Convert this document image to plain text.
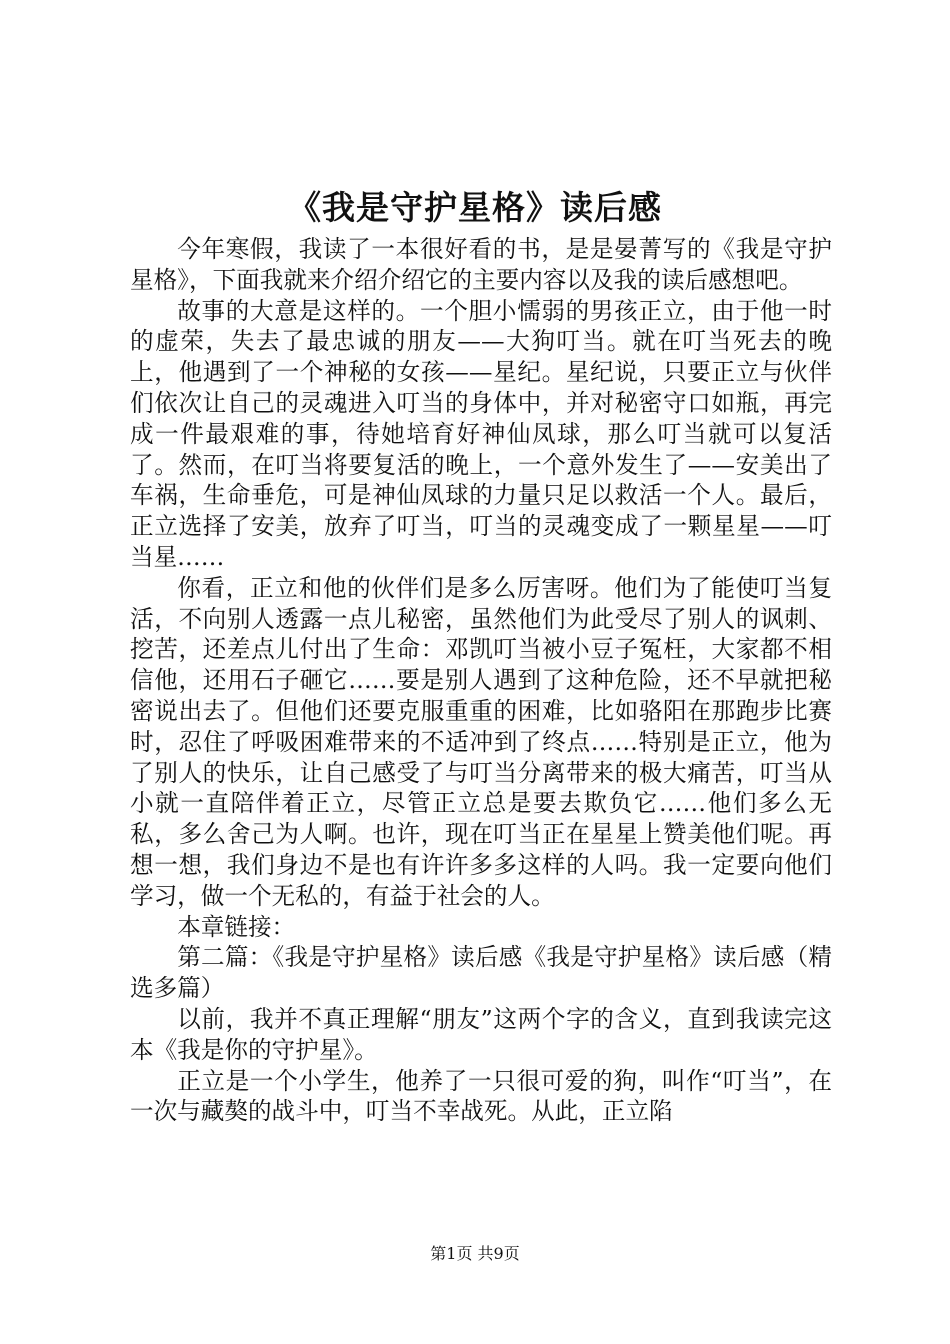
《我是守护星格》读后感

今年寒假，我读了一本很好看的书，是是晏菁写的《我是守护星格》，下面我就来介绍介绍它的主要内容以及我的读后感想吧。

故事的大意是这样的。一个胆小懦弱的男孩正立，由于他一时的虚荣，失去了最忠诚的朋友——大狗叮当。就在叮当死去的晚上，他遇到了一个神秘的女孩——星纪。星纪说，只要正立与伙伴们依次让自己的灵魂进入叮当的身体中，并对秘密守口如瓶，再完成一件最艰难的事，待她培育好神仙凤球，那么叮当就可以复活了。然而，在叮当将要复活的晚上，一个意外发生了——安美出了车祸，生命垂危，可是神仙凤球的力量只足以救活一个人。最后，正立选择了安美，放弃了叮当，叮当的灵魂变成了一颗星星——叮当星……

你看，正立和他的伙伴们是多么厉害呀。他们为了能使叮当复活，不向别人透露一点儿秘密，虽然他们为此受尽了别人的讽刺、挖苦，还差点儿付出了生命：邓凯叮当被小豆子冤枉，大家都不相信他，还用石子砸它……要是别人遇到了这种危险，还不早就把秘密说出去了。但他们还要克服重重的困难，比如骆阳在那跑步比赛时，忍住了呼吸困难带来的不适冲到了终点……特别是正立，他为了别人的快乐，让自己感受了与叮当分离带来的极大痛苦，叮当从小就一直陪伴着正立，尽管正立总是要去欺负它……他们多么无私，多么舍己为人啊。也许，现在叮当正在星星上赞美他们呢。再想一想，我们身边不是也有许许多多这样的人吗。我一定要向他们学习，做一个无私的，有益于社会的人。

本章链接：

第二篇：《我是守护星格》读后感《我是守护星格》读后感（精选多篇）

以前，我并不真正理解“朋友”这两个字的含义，直到我读完这本《我是你的守护星》。

正立是一个小学生，他养了一只很可爱的狗，叫作“叮当”，在一次与藏獒的战斗中，叮当不幸战死。从此，正立陷

第1页 共9页
